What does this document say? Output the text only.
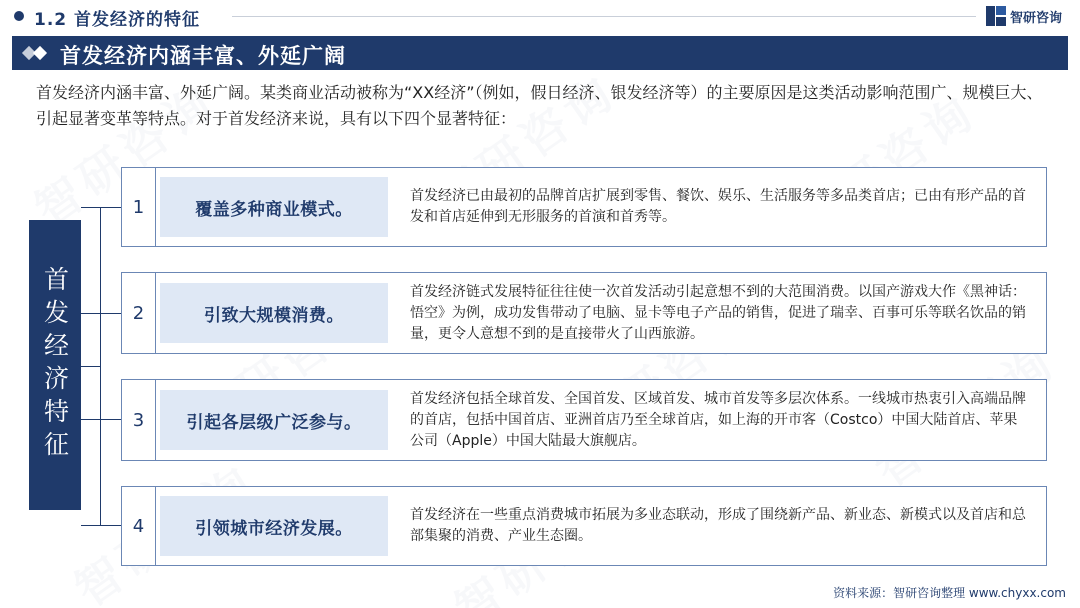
1.2 首发经济的特征	智研咨询
首发经济内涵丰富、外延广阔
首发经济内涵丰富、外延广阔。某类商业活动被称为“XX经济”（例如，假日经济、银发经济等）的主要原因是这类活动影响范围广、规模巨大、引起显著变革等特点。对于首发经济来说，具有以下四个显著特征：
首发经济特征
1	覆盖多种商业模式。
首发经济已由最初的品牌首店扩展到零售、餐饮、娱乐、生活服务等多品类首店；已由有形产品的首发和首店延伸到无形服务的首演和首秀等。
2	引致大规模消费。
首发经济链式发展特征往往使一次首发活动引起意想不到的大范围消费。以国产游戏大作《黑神话：悟空》为例，成功发售带动了电脑、显卡等电子产品的销售，促进了瑞幸、百事可乐等联名饮品的销量，更令人意想不到的是直接带火了山西旅游。
3	引起各层级广泛参与。
首发经济包括全球首发、全国首发、区域首发、城市首发等多层次体系。一线城市热衷引入高端品牌的首店，包括中国首店、亚洲首店乃至全球首店，如上海的开市客（Costco）中国大陆首店、苹果公司（Apple）中国大陆最大旗舰店。
4	引领城市经济发展。
首发经济在一些重点消费城市拓展为多业态联动，形成了围绕新产品、新业态、新模式以及首店和总部集聚的消费、产业生态圈。
资料来源：智研咨询整理 www.chyxx.com
